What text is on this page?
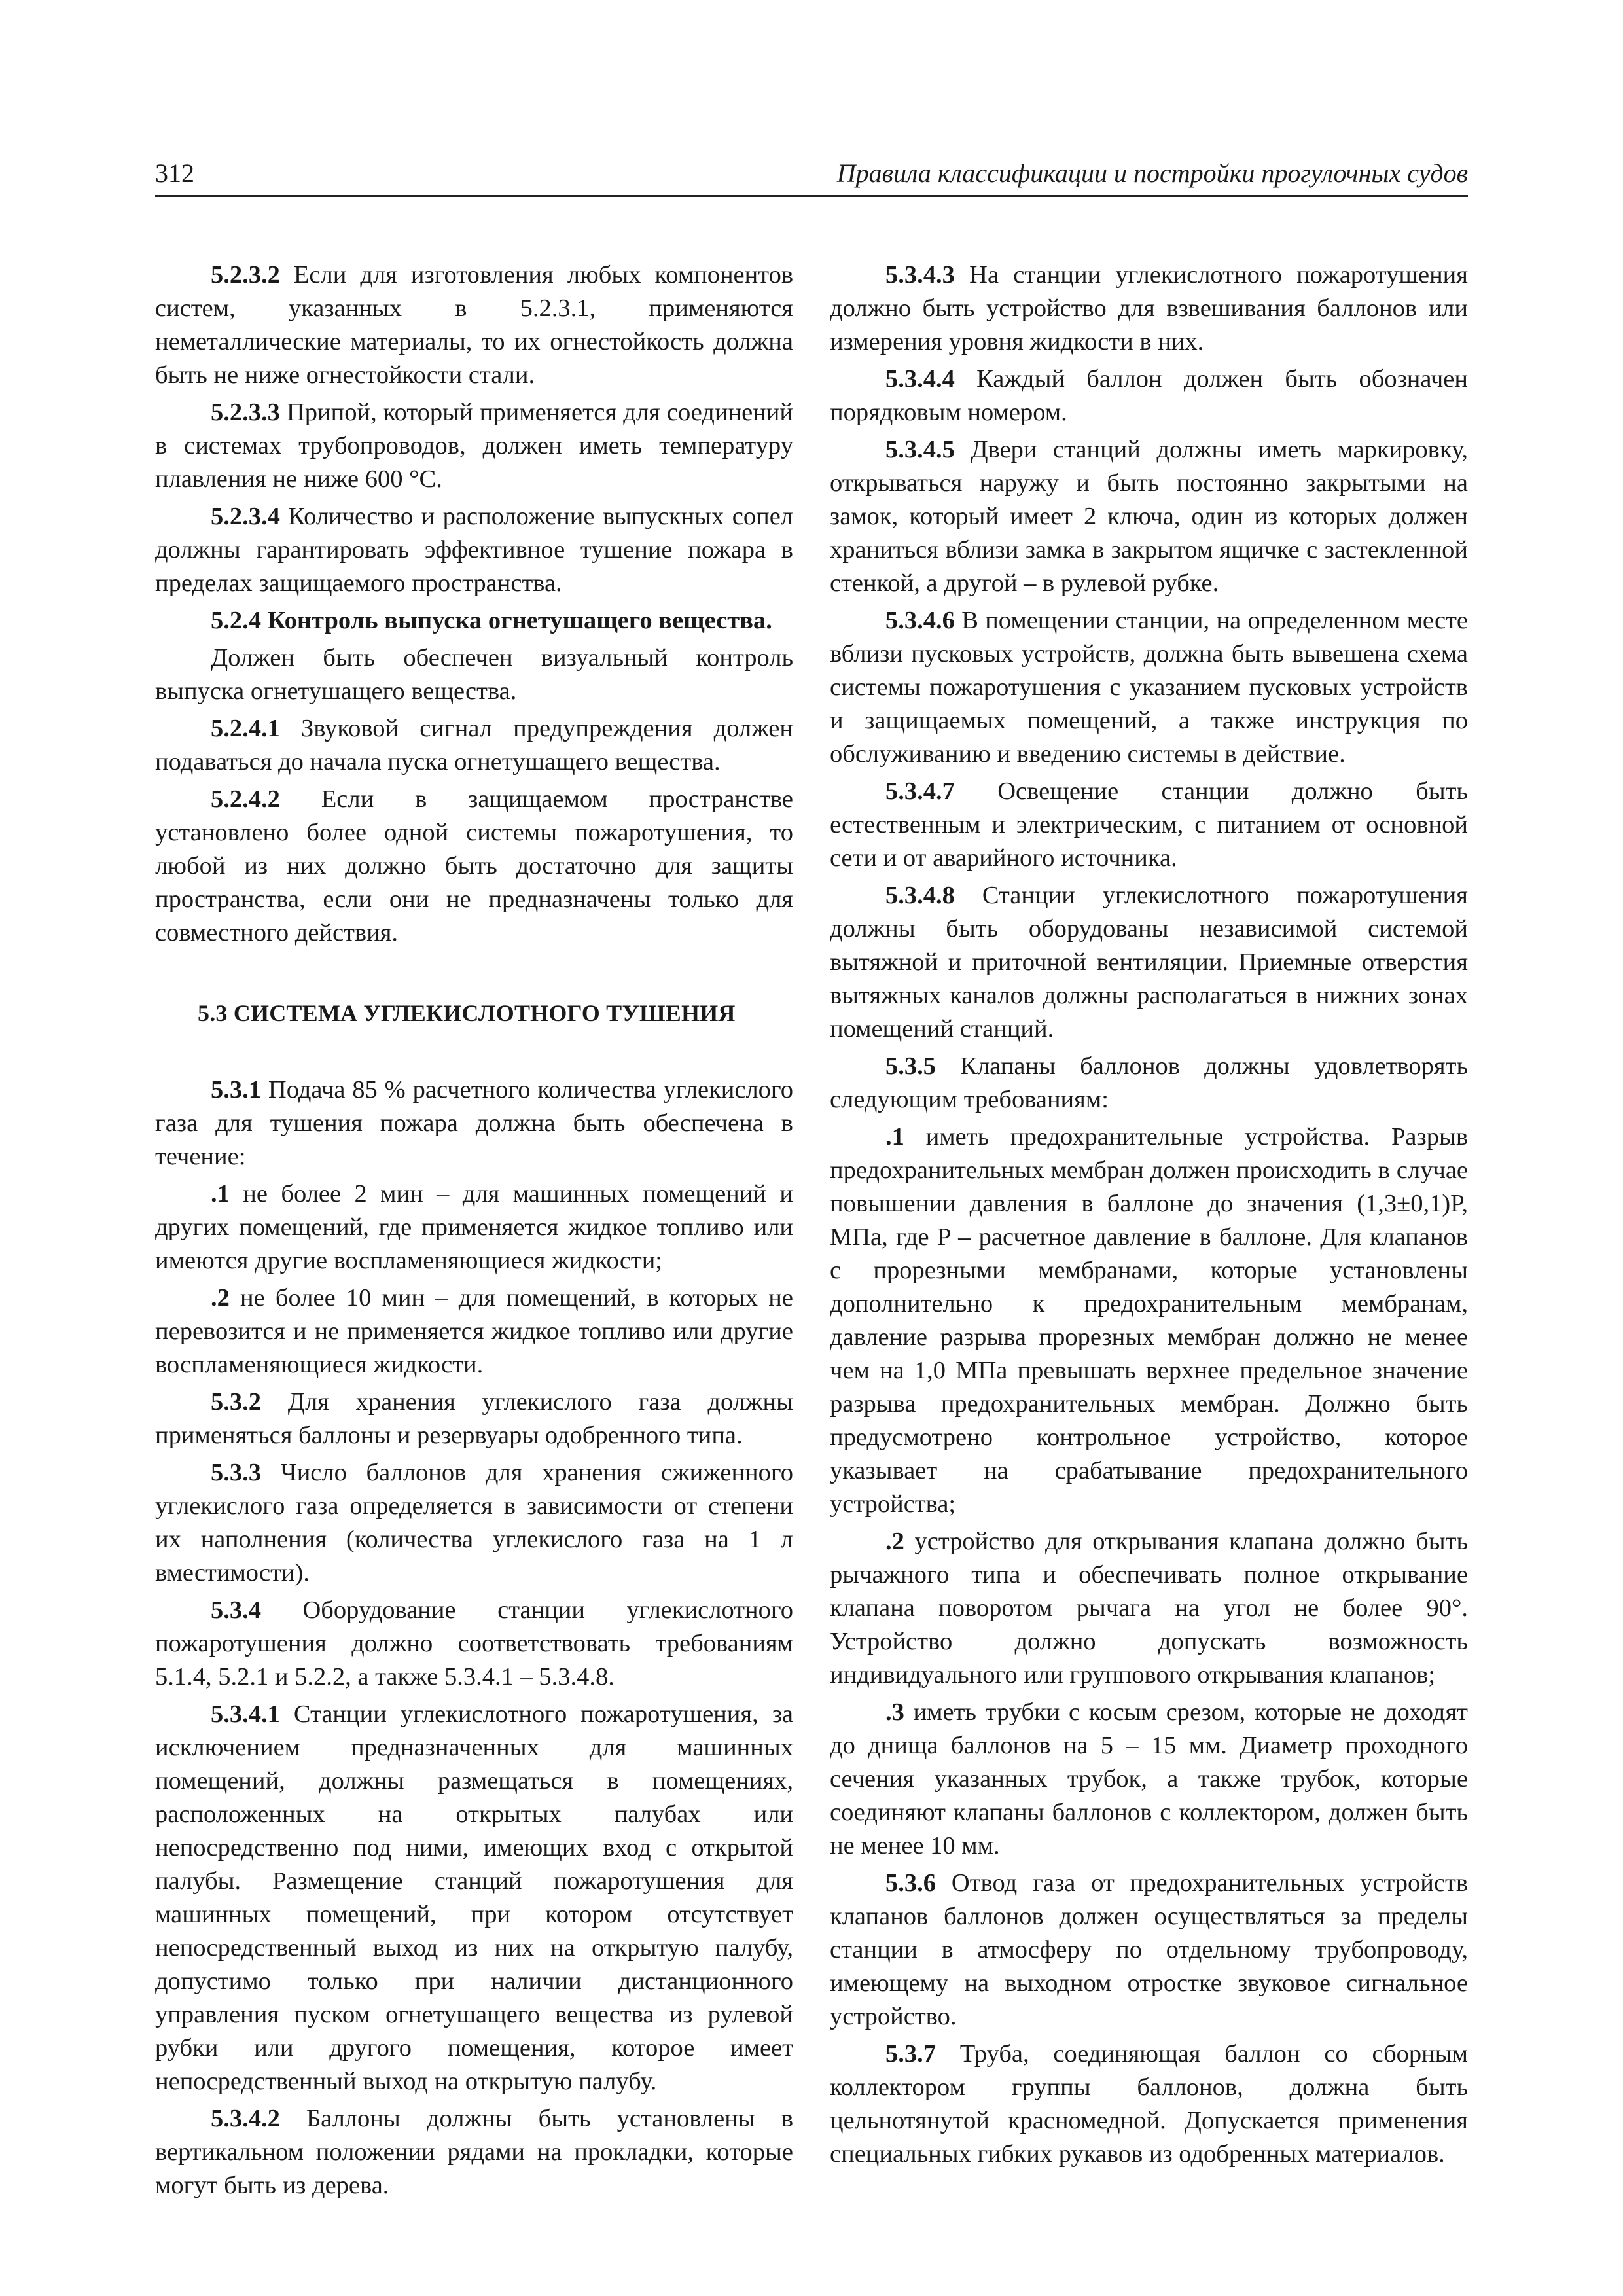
312	Правила классификации и постройки прогулочных судов

5.2.3.2 Если для изготовления любых компонентов систем, указанных в 5.2.3.1, применяются неметаллические материалы, то их огнестойкость должна быть не ниже огнестойкости стали.

5.2.3.3 Припой, который применяется для соединений в системах трубопроводов, должен иметь температуру плавления не ниже 600 °С.

5.2.3.4 Количество и расположение выпускных сопел должны гарантировать эффективное тушение пожара в пределах защищаемого пространства.

5.2.4 Контроль выпуска огнетушащего вещества.

Должен быть обеспечен визуальный контроль выпуска огнетушащего вещества.

5.2.4.1 Звуковой сигнал предупреждения должен подаваться до начала пуска огнетушащего вещества.

5.2.4.2 Если в защищаемом пространстве установлено более одной системы пожаротушения, то любой из них должно быть достаточно для защиты пространства, если они не предназначены только для совместного действия.

5.3 СИСТЕМА УГЛЕКИСЛОТНОГО ТУШЕНИЯ

5.3.1 Подача 85 % расчетного количества углекислого газа для тушения пожара должна быть обеспечена в течение:

.1 не более 2 мин – для машинных помещений и других помещений, где применяется жидкое топливо или имеются другие воспламеняющиеся жидкости;

.2 не более 10 мин – для помещений, в которых не перевозится и не применяется жидкое топливо или другие воспламеняющиеся жидкости.

5.3.2 Для хранения углекислого газа должны применяться баллоны и резервуары одобренного типа.

5.3.3 Число баллонов для хранения сжиженного углекислого газа определяется в зависимости от степени их наполнения (количества углекислого газа на 1 л вместимости).

5.3.4 Оборудование станции углекислотного пожаротушения должно соответствовать требованиям 5.1.4, 5.2.1 и 5.2.2, а также 5.3.4.1 – 5.3.4.8.

5.3.4.1 Станции углекислотного пожаротушения, за исключением предназначенных для машинных помещений, должны размещаться в помещениях, расположенных на открытых палубах или непосредственно под ними, имеющих вход с открытой палубы. Размещение станций пожаротушения для машинных помещений, при котором отсутствует непосредственный выход из них на открытую палубу, допустимо только при наличии дистанционного управления пуском огнетушащего вещества из рулевой рубки или другого помещения, которое имеет непосредственный выход на открытую палубу.

5.3.4.2 Баллоны должны быть установлены в вертикальном положении рядами на прокладки, которые могут быть из дерева.

5.3.4.3 На станции углекислотного пожаротушения должно быть устройство для взвешивания баллонов или измерения уровня жидкости в них.

5.3.4.4 Каждый баллон должен быть обозначен порядковым номером.

5.3.4.5 Двери станций должны иметь маркировку, открываться наружу и быть постоянно закрытыми на замок, который имеет 2 ключа, один из которых должен храниться вблизи замка в закрытом ящичке с застекленной стенкой, а другой – в рулевой рубке.

5.3.4.6 В помещении станции, на определенном месте вблизи пусковых устройств, должна быть вывешена схема системы пожаротушения с указанием пусковых устройств и защищаемых помещений, а также инструкция по обслуживанию и введению системы в действие.

5.3.4.7 Освещение станции должно быть естественным и электрическим, с питанием от основной сети и от аварийного источника.

5.3.4.8 Станции углекислотного пожаротушения должны быть оборудованы независимой системой вытяжной и приточной вентиляции. Приемные отверстия вытяжных каналов должны располагаться в нижних зонах помещений станций.

5.3.5 Клапаны баллонов должны удовлетворять следующим требованиям:

.1 иметь предохранительные устройства. Разрыв предохранительных мембран должен происходить в случае повышении давления в баллоне до значения (1,3±0,1)P, МПа, где P – расчетное давление в баллоне. Для клапанов с прорезными мембранами, которые установлены дополнительно к предохранительным мембранам, давление разрыва прорезных мембран должно не менее чем на 1,0 МПа превышать верхнее предельное значение разрыва предохранительных мембран. Должно быть предусмотрено контрольное устройство, которое указывает на срабатывание предохранительного устройства;

.2 устройство для открывания клапана должно быть рычажного типа и обеспечивать полное открывание клапана поворотом рычага на угол не более 90°. Устройство должно допускать возможность индивидуального или группового открывания клапанов;

.3 иметь трубки с косым срезом, которые не доходят до днища баллонов на 5 – 15 мм. Диаметр проходного сечения указанных трубок, а также трубок, которые соединяют клапаны баллонов с коллектором, должен быть не менее 10 мм.

5.3.6 Отвод газа от предохранительных устройств клапанов баллонов должен осуществляться за пределы станции в атмосферу по отдельному трубопроводу, имеющему на выходном отростке звуковое сигнальное устройство.

5.3.7 Труба, соединяющая баллон со сборным коллектором группы баллонов, должна быть цельнотянутой красномедной. Допускается применения специальных гибких рукавов из одобренных материалов.
